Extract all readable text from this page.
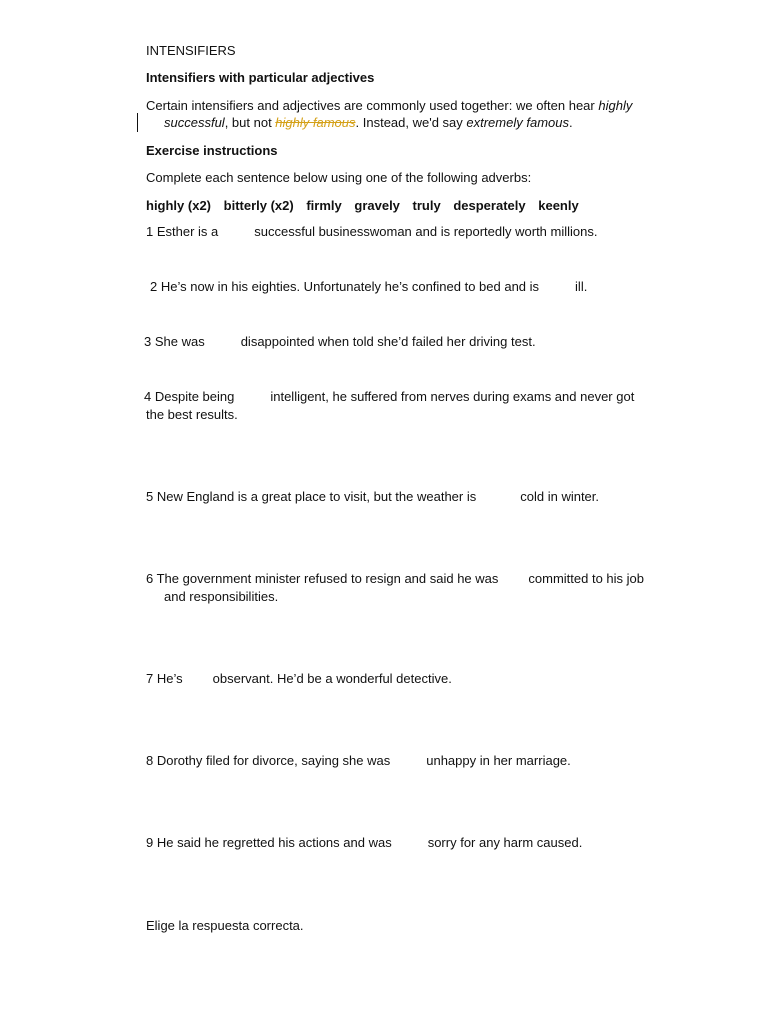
INTENSIFIERS
Intensifiers with particular adjectives
Certain intensifiers and adjectives are commonly used together: we often hear highly
successful, but not highly famous. Instead, we'd say extremely famous.
Exercise instructions
Complete each sentence below using one of the following adverbs:
highly (x2) bitterly (x2) firmly gravely truly desperately keenly
1 Esther is a	successful businesswoman and is reportedly worth millions.
2 He’s now in his eighties. Unfortunately he’s confined to bed and is	ill.
3 She was	disappointed when told she’d failed her driving test.
4 Despite being	intelligent, he suffered from nerves during exams and never got
the best results.
5 New England is a great place to visit, but the weather is	cold in winter.
6 The government minister refused to resign and said he was committed to his job
and responsibilities.
7 He’s observant. He’d be a wonderful detective.
8 Dorothy filed for divorce, saying she was	unhappy in her marriage.
9 He said he regretted his actions and was	sorry for any harm caused.
Elige la respuesta correcta.
